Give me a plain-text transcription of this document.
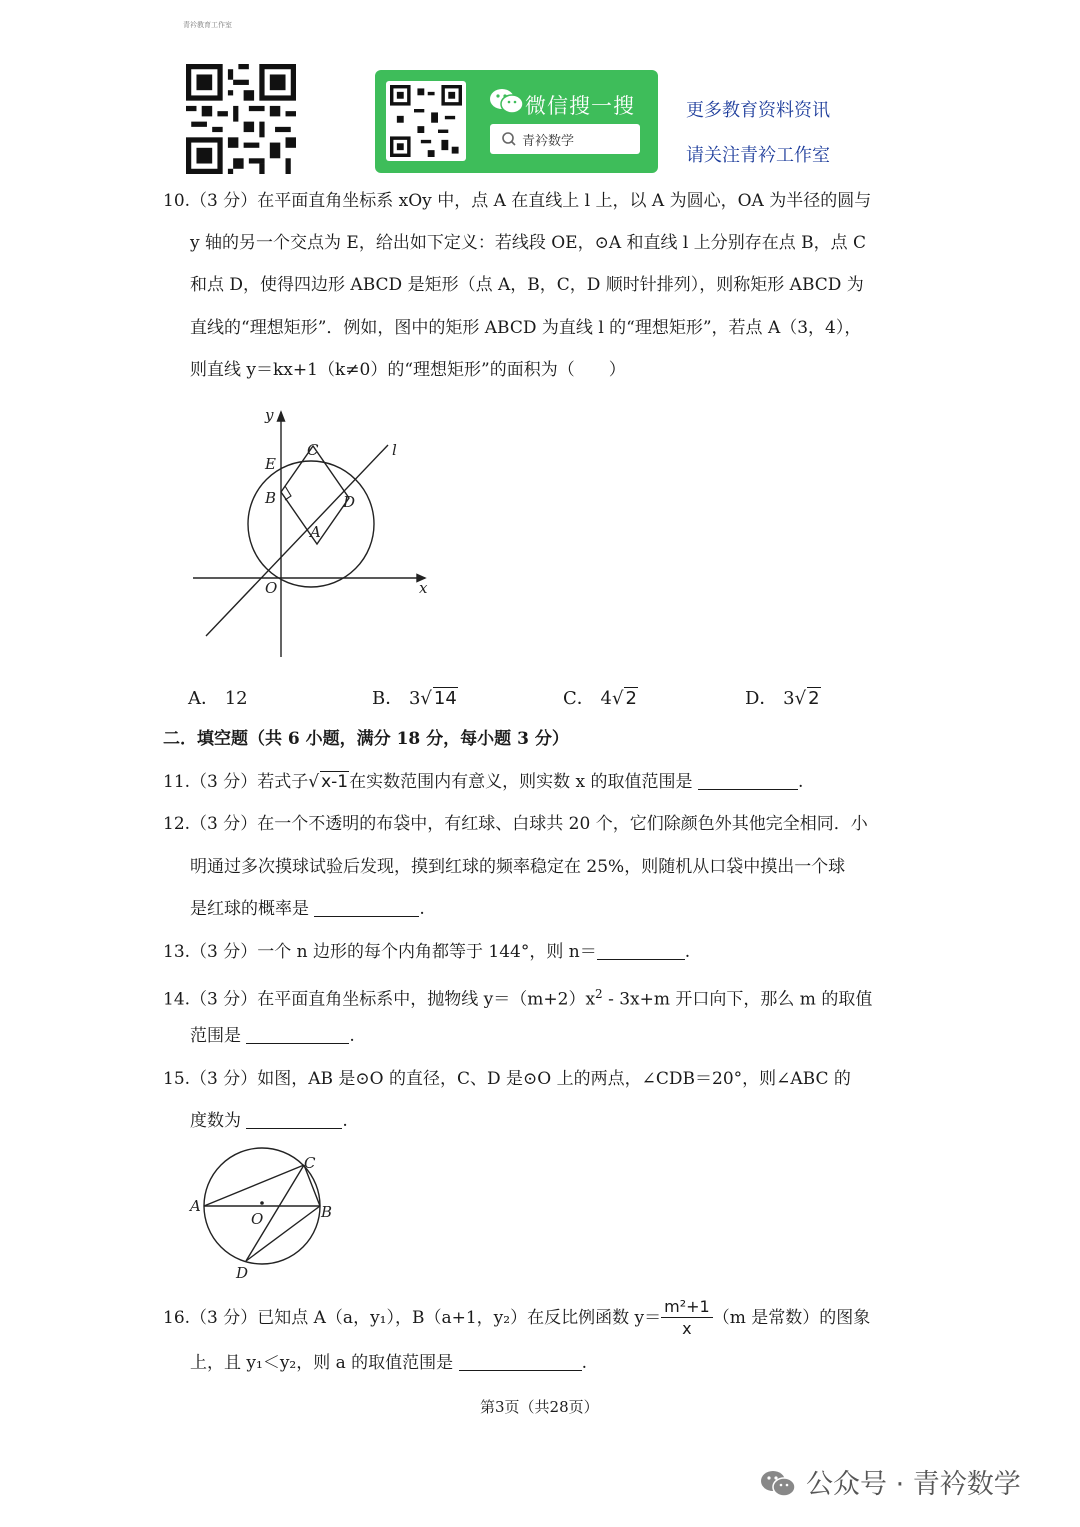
青衿教育工作室
微信搜一搜
青衿数学
更多教育资料资讯
请关注青衿工作室
10.（3 分）在平面直角坐标系 xOy 中，点 A 在直线上 l 上，以 A 为圆心，OA 为半径的圆与
y 轴的另一个交点为 E，给出如下定义：若线段 OE，⊙A 和直线 l 上分别存在点 B，点 C
和点 D，使得四边形 ABCD 是矩形（点 A，B，C，D 顺时针排列），则称矩形 ABCD 为
直线的“理想矩形”．例如，图中的矩形 ABCD 为直线 l 的“理想矩形”，若点 A（3，4），
则直线 y＝kx+1（k≠0）的“理想矩形”的面积为（　　）
y
x
O
E
B
C
D
A
l
A． 12	B． 3√ 14	C． 4√ 2	D． 3√ 2
二．填空题（共 6 小题，满分 18 分，每小题 3 分）
11.（3 分）若式子√ x-1在实数范围内有意义，则实数 x 的取值范围是	.
12.（3 分）在一个不透明的布袋中，有红球、白球共 20 个，它们除颜色外其他完全相同．小
明通过多次摸球试验后发现，摸到红球的频率稳定在 25%，则随机从口袋中摸出一个球
是红球的概率是	.
13.（3 分）一个 n 边形的每个内角都等于 144°，则 n＝	.
14.（3 分）在平面直角坐标系中，抛物线 $y=(m+2)x^2 - 3x+m$ 开口向下，那么 m 的取值
范围是	.
15.（3 分）如图，AB 是⊙O 的直径，C、D 是⊙O 上的两点，∠CDB＝20°，则∠ABC 的
度数为	.
A	B
C
D
O
16.（3 分）已知点 A（a，y₁），B（a+1，y₂）在反比例函数 $y= \frac{\text{m²+1}}{x} (m$ 是常数）的图象
上，且 y₁＜y₂，则 a 的取值范围是	.
第3页（共28页）
公众号 · 青衿数学
